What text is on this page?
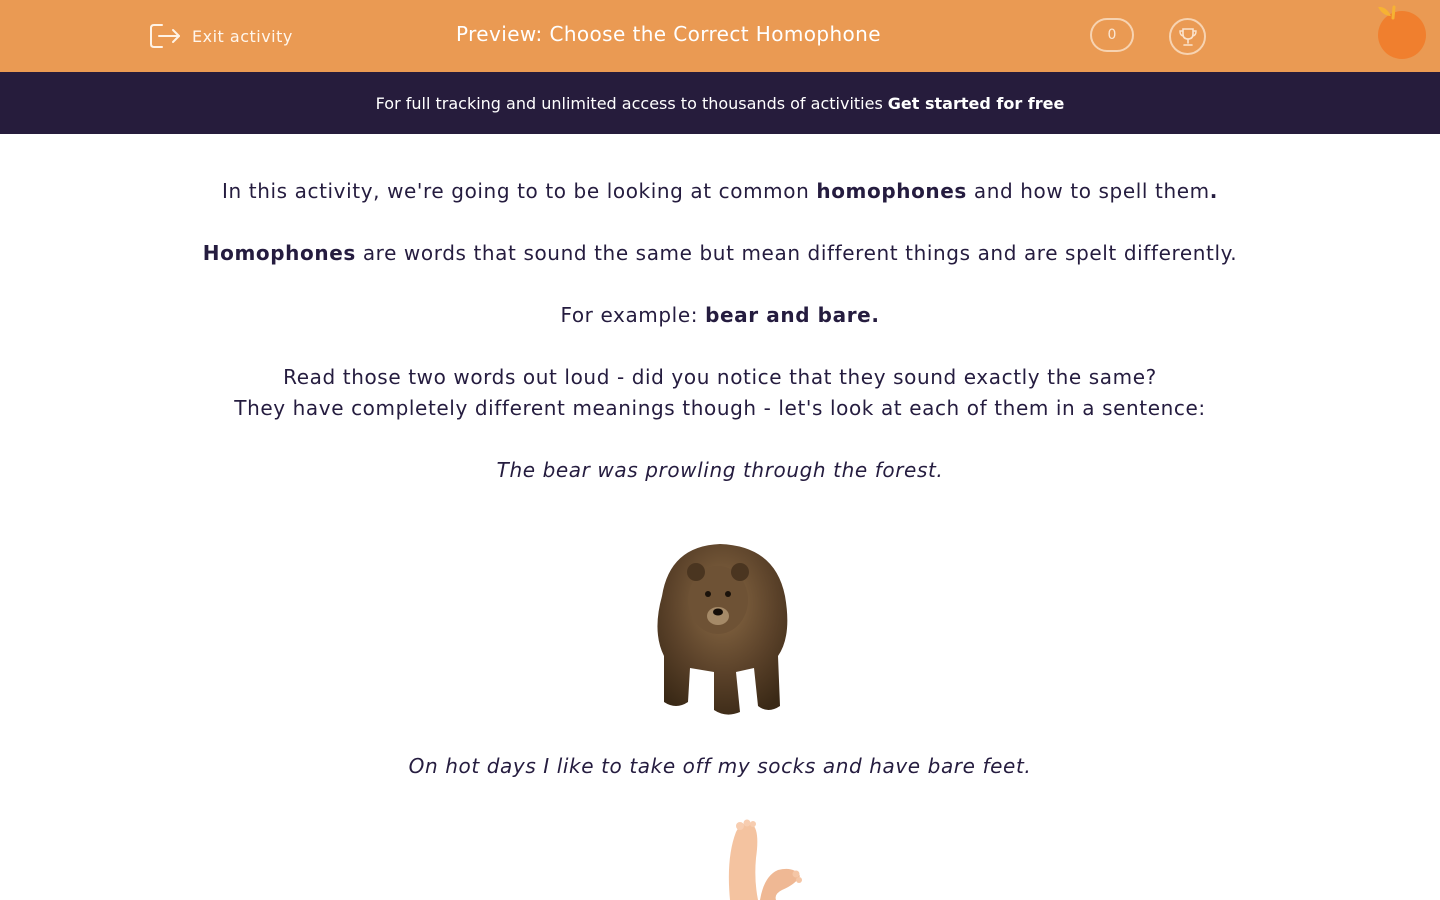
Exit activity	Preview: Choose the Correct Homophone	0
For full tracking and unlimited access to thousands of activities Get started for free
In this activity, we're going to to be looking at common homophones and how to spell them.
Homophones are words that sound the same but mean different things and are spelt differently.
For example: bear and bare.
Read those two words out loud - did you notice that they sound exactly the same?
They have completely different meanings though - let's look at each of them in a sentence:
The bear was prowling through the forest.
On hot days I like to take off my socks and have bare feet.
